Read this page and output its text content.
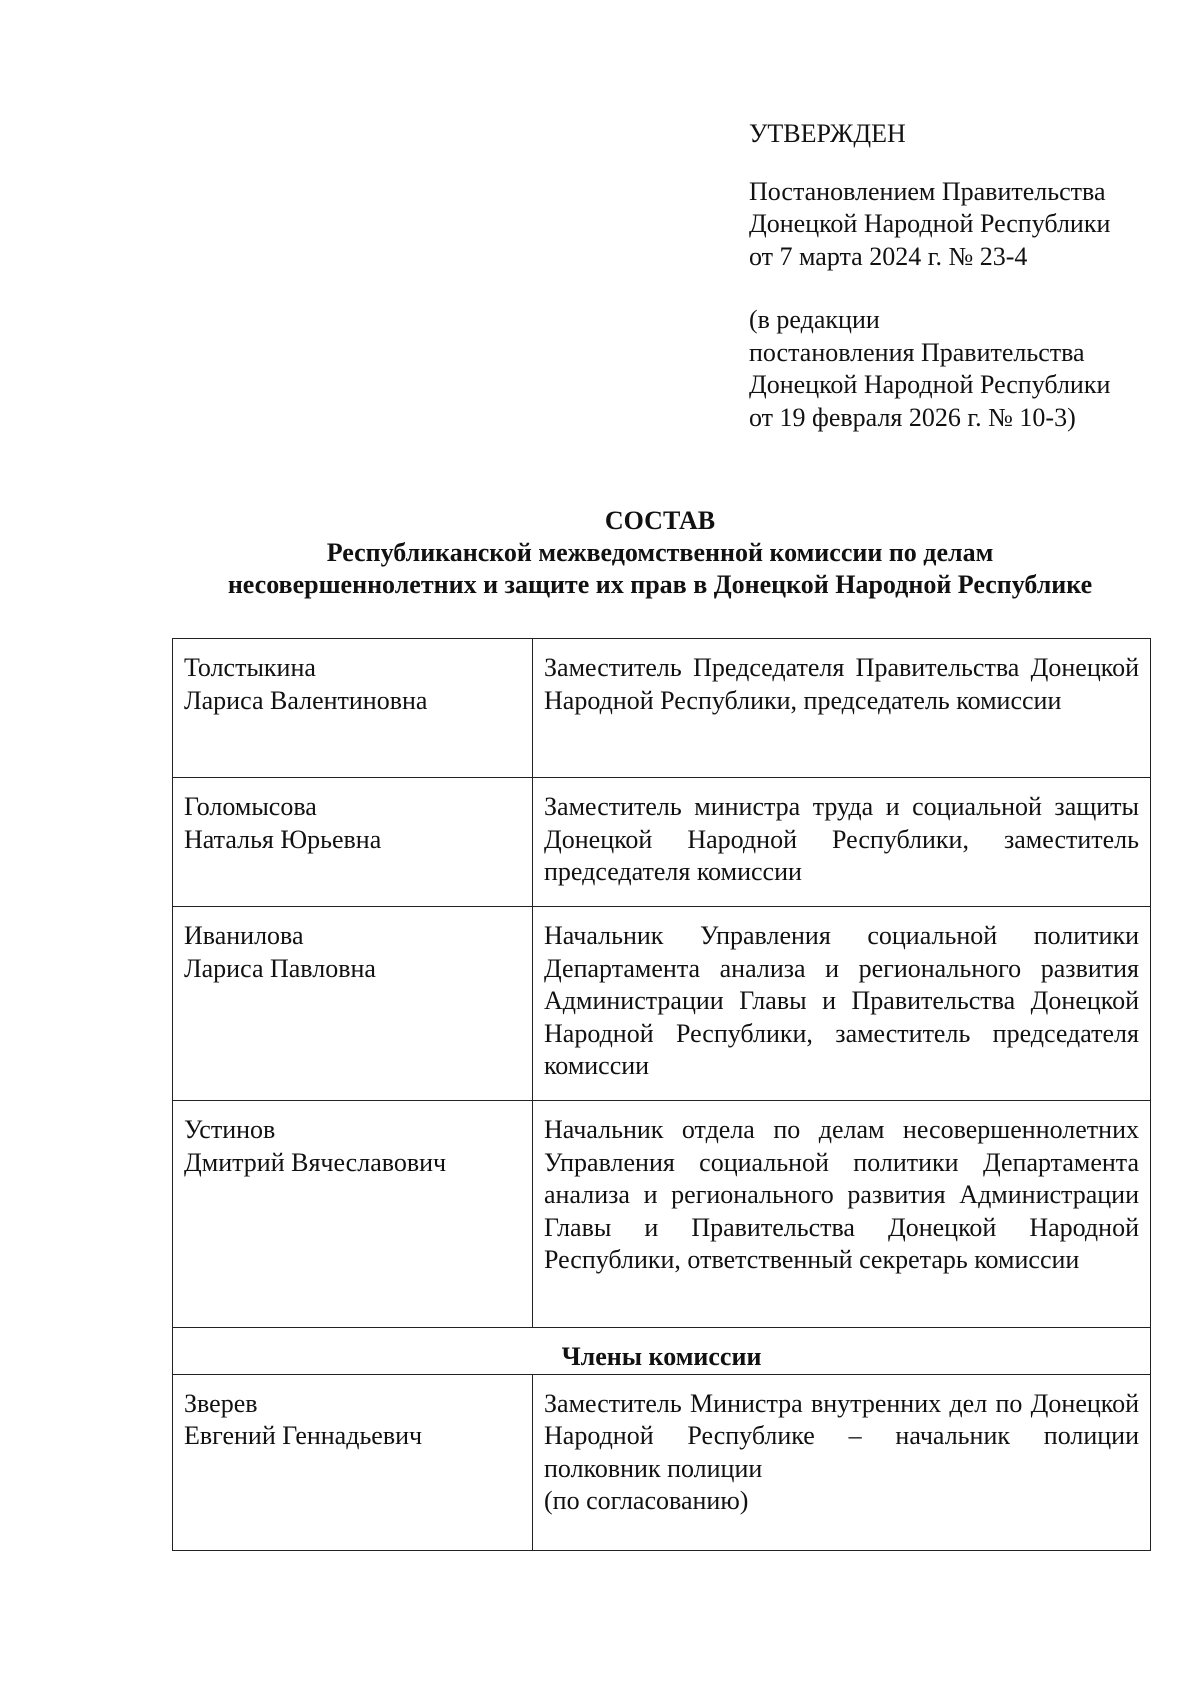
УТВЕРЖДЕН

Постановлением Правительства

Донецкой Народной Республики

от 7 марта 2024 г. № 23-4

(в редакции

постановления Правительства

Донецкой Народной Республики

от 19 февраля 2026 г. № 10-3)

СОСТАВ
Республиканской межведомственной комиссии по делам
несовершеннолетних и защите их прав в Донецкой Народной Республике
Толстыкина
Лариса Валентиновна	Заместитель Председателя Правительства Донецкой Народной Республики, председатель комиссии

Голомысова
Наталья Юрьевна	Заместитель министра труда и социальной защиты Донецкой Народной Республики, заместитель председателя комиссии

Иванилова
Лариса Павловна	Начальник Управления социальной политики Департамента анализа и регионального развития Администрации Главы и Правительства Донецкой Народной Республики, заместитель председателя комиссии

Устинов
Дмитрий Вячеславович	Начальник отдела по делам несовершеннолетних Управления социальной политики Департамента анализа и регионального развития Администрации Главы и Правительства Донецкой Народной Республики, ответственный секретарь комиссии
Члены комиссии	

Зверев
Евгений Геннадьевич	Заместитель Министра внутренних дел по Донецкой Народной Республике – начальник полиции полковник полиции
(по согласованию)
